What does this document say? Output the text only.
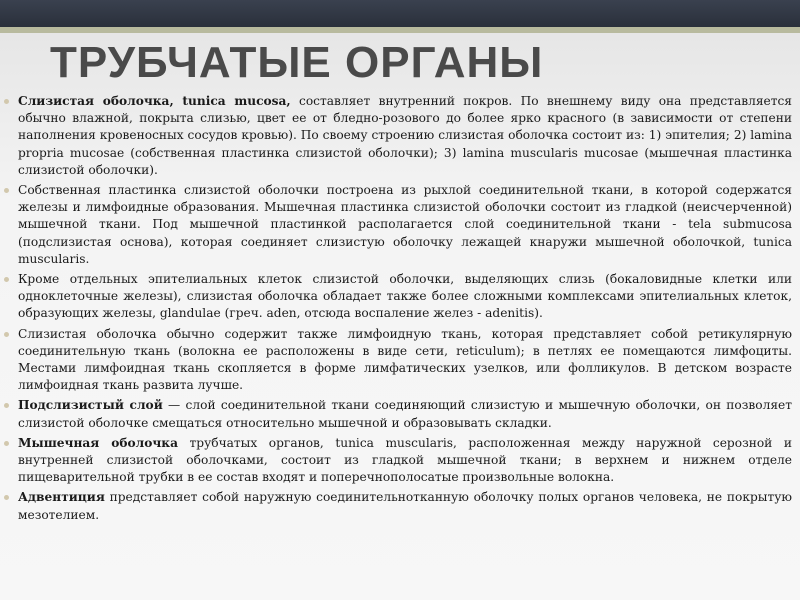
ТРУБЧАТЫЕ ОРГАНЫ

Слизистая оболочка, tunica mucosa, составляет внутренний покров. По внешнему виду она представляется обычно влажной, покрыта слизью, цвет ее от бледно-розового до более ярко красного (в зависимости от степени наполнения кровеносных сосудов кровью). По своему строению слизистая оболочка состоит из: 1) эпителия; 2) lamina propria mucosae (собственная пластинка слизистой оболочки); 3) lamina muscularis mucosae (мышечная пластинка слизистой оболочки).

Собственная пластинка слизистой оболочки построена из рыхлой соединительной ткани, в которой содержатся железы и лимфоидные образования. Мышечная пластинка слизистой оболочки состоит из гладкой (неисчерченной) мышечной ткани. Под мышечной пластинкой располагается слой соединительной ткани - tela submucosa (подслизистая основа), которая соединяет слизистую оболочку лежащей кнаружи мышечной оболочкой, tunica muscularis.

Кроме отдельных эпителиальных клеток слизистой оболочки, выделяющих слизь (бокаловидные клетки или одноклеточные железы), слизистая оболочка обладает также более сложными комплексами эпителиальных клеток, образующих железы, glandulae (греч. aden, отсюда воспаление желез - adenitis).

Слизистая оболочка обычно содержит также лимфоидную ткань, которая представляет собой ретикулярную соединительную ткань (волокна ее расположены в виде сети, reticulum); в петлях ее помещаются лимфоциты. Местами лимфоидная ткань скопляется в форме лимфатических узелков, или фолликулов. В детском возрасте лимфоидная ткань развита лучше.

Подслизистый слой — слой соединительной ткани соединяющий слизистую и мышечную оболочки, он позволяет слизистой оболочке смещаться относительно мышечной и образовывать складки.

Мышечная оболочка трубчатых органов, tunica muscularis, расположенная между наружной серозной и внутренней слизистой оболочками, состоит из гладкой мышечной ткани; в верхнем и нижнем отделе пищеварительной трубки в ее состав входят и поперечнополосатые произвольные волокна.

Адвентиция представляет собой наружную соединительнотканную оболочку полых органов человека, не покрытую мезотелием.
